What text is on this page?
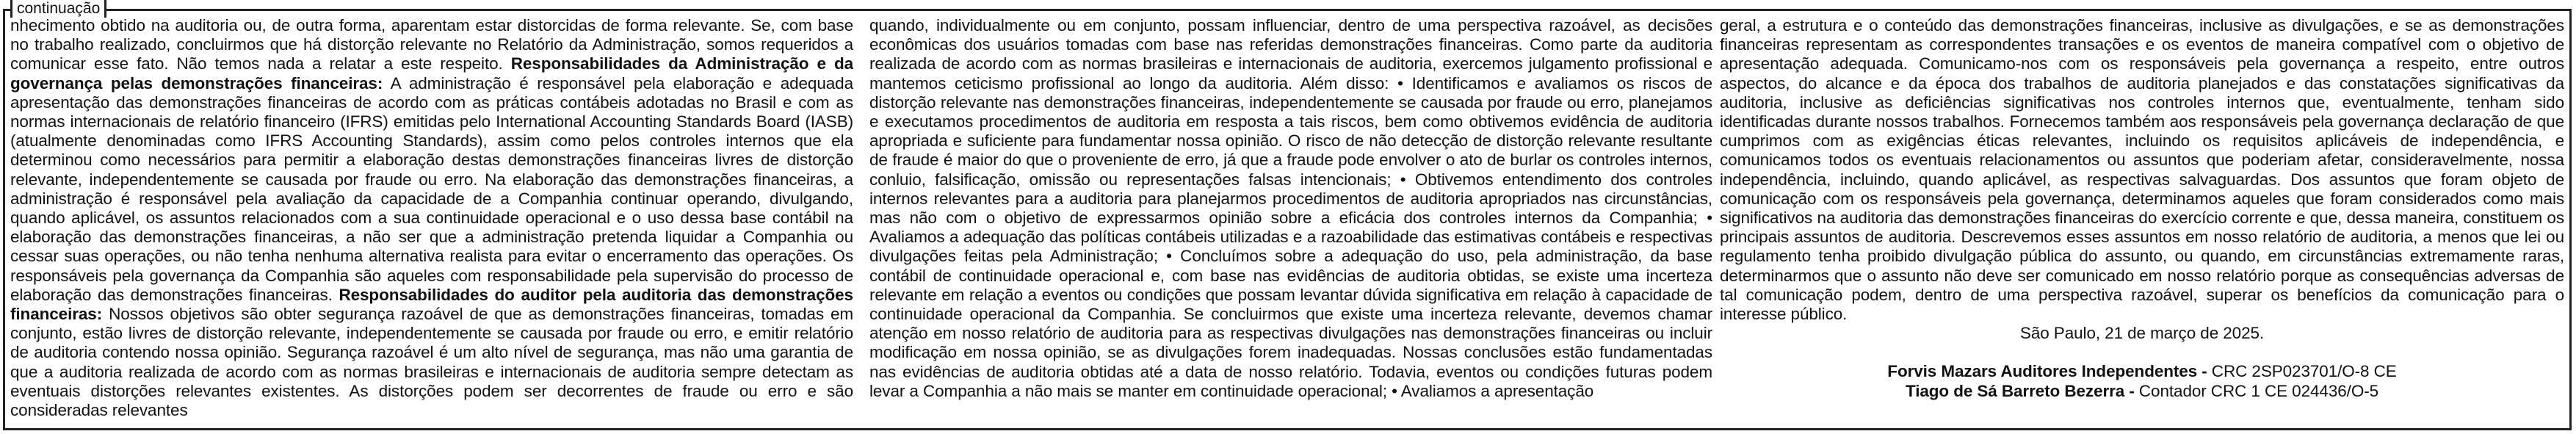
continuação

nhecimento obtido na auditoria ou, de outra forma, aparentam estar distorcidas de forma relevante. Se, com base no trabalho realizado, concluirmos que há distorção relevante no Relatório da Administração, somos requeridos a comunicar esse fato. Não temos nada a relatar a este respeito. Responsabilidades da Administração e da governança pelas demonstrações financeiras: A administração é responsável pela elaboração e adequada apresentação das demonstrações financeiras de acordo com as práticas contábeis adotadas no Brasil e com as normas internacionais de relatório financeiro (IFRS) emitidas pelo International Accounting Standards Board (IASB) (atualmente denominadas como IFRS Accounting Standards), assim como pelos controles internos que ela determinou como necessários para permitir a elaboração destas demonstrações financeiras livres de distorção relevante, independentemente se causada por fraude ou erro. Na elaboração das demonstrações financeiras, a administração é responsável pela avaliação da capacidade de a Companhia continuar operando, divulgando, quando aplicável, os assuntos relacionados com a sua continuidade operacional e o uso dessa base contábil na elaboração das demonstrações financeiras, a não ser que a administração pretenda liquidar a Companhia ou cessar suas operações, ou não tenha nenhuma alternativa realista para evitar o encerramento das operações. Os responsáveis pela governança da Companhia são aqueles com responsabilidade pela supervisão do processo de elaboração das demonstrações financeiras. Responsabilidades do auditor pela auditoria das demonstrações financeiras: Nossos objetivos são obter segurança razoável de que as demonstrações financeiras, tomadas em conjunto, estão livres de distorção relevante, independentemente se causada por fraude ou erro, e emitir relatório de auditoria contendo nossa opinião. Segurança razoável é um alto nível de segurança, mas não uma garantia de que a auditoria realizada de acordo com as normas brasileiras e internacionais de auditoria sempre detectam as eventuais distorções relevantes existentes. As distorções podem ser decorrentes de fraude ou erro e são consideradas relevantes

quando, individualmente ou em conjunto, possam influenciar, dentro de uma perspectiva razoável, as decisões econômicas dos usuários tomadas com base nas referidas demonstrações financeiras. Como parte da auditoria realizada de acordo com as normas brasileiras e internacionais de auditoria, exercemos julgamento profissional e mantemos ceticismo profissional ao longo da auditoria. Além disso: • Identificamos e avaliamos os riscos de distorção relevante nas demonstrações financeiras, independentemente se causada por fraude ou erro, planejamos e executamos procedimentos de auditoria em resposta a tais riscos, bem como obtivemos evidência de auditoria apropriada e suficiente para fundamentar nossa opinião. O risco de não detecção de distorção relevante resultante de fraude é maior do que o proveniente de erro, já que a fraude pode envolver o ato de burlar os controles internos, conluio, falsificação, omissão ou representações falsas intencionais; • Obtivemos entendimento dos controles internos relevantes para a auditoria para planejarmos procedimentos de auditoria apropriados nas circunstâncias, mas não com o objetivo de expressarmos opinião sobre a eficácia dos controles internos da Companhia; • Avaliamos a adequação das políticas contábeis utilizadas e a razoabilidade das estimativas contábeis e respectivas divulgações feitas pela Administração; • Concluímos sobre a adequação do uso, pela administração, da base contábil de continuidade operacional e, com base nas evidências de auditoria obtidas, se existe uma incerteza relevante em relação a eventos ou condições que possam levantar dúvida significativa em relação à capacidade de continuidade operacional da Companhia. Se concluirmos que existe uma incerteza relevante, devemos chamar atenção em nosso relatório de auditoria para as respectivas divulgações nas demonstrações financeiras ou incluir modificação em nossa opinião, se as divulgações forem inadequadas. Nossas conclusões estão fundamentadas nas evidências de auditoria obtidas até a data de nosso relatório. Todavia, eventos ou condições futuras podem levar a Companhia a não mais se manter em continuidade operacional; • Avaliamos a apresentação

geral, a estrutura e o conteúdo das demonstrações financeiras, inclusive as divulgações, e se as demonstrações financeiras representam as correspondentes transações e os eventos de maneira compatível com o objetivo de apresentação adequada. Comunicamo-nos com os responsáveis pela governança a respeito, entre outros aspectos, do alcance e da época dos trabalhos de auditoria planejados e das constatações significativas da auditoria, inclusive as deficiências significativas nos controles internos que, eventualmente, tenham sido identificadas durante nossos trabalhos. Fornecemos também aos responsáveis pela governança declaração de que cumprimos com as exigências éticas relevantes, incluindo os requisitos aplicáveis de independência, e comunicamos todos os eventuais relacionamentos ou assuntos que poderiam afetar, consideravelmente, nossa independência, incluindo, quando aplicável, as respectivas salvaguardas. Dos assuntos que foram objeto de comunicação com os responsáveis pela governança, determinamos aqueles que foram considerados como mais significativos na auditoria das demonstrações financeiras do exercício corrente e que, dessa maneira, constituem os principais assuntos de auditoria. Descrevemos esses assuntos em nosso relatório de auditoria, a menos que lei ou regulamento tenha proibido divulgação pública do assunto, ou quando, em circunstâncias extremamente raras, determinarmos que o assunto não deve ser comunicado em nosso relatório porque as consequências adversas de tal comunicação podem, dentro de uma perspectiva razoável, superar os benefícios da comunicação para o interesse público.

São Paulo, 21 de março de 2025.

Forvis Mazars Auditores Independentes - CRC 2SP023701/O-8 CE

Tiago de Sá Barreto Bezerra - Contador CRC 1 CE 024436/O-5
